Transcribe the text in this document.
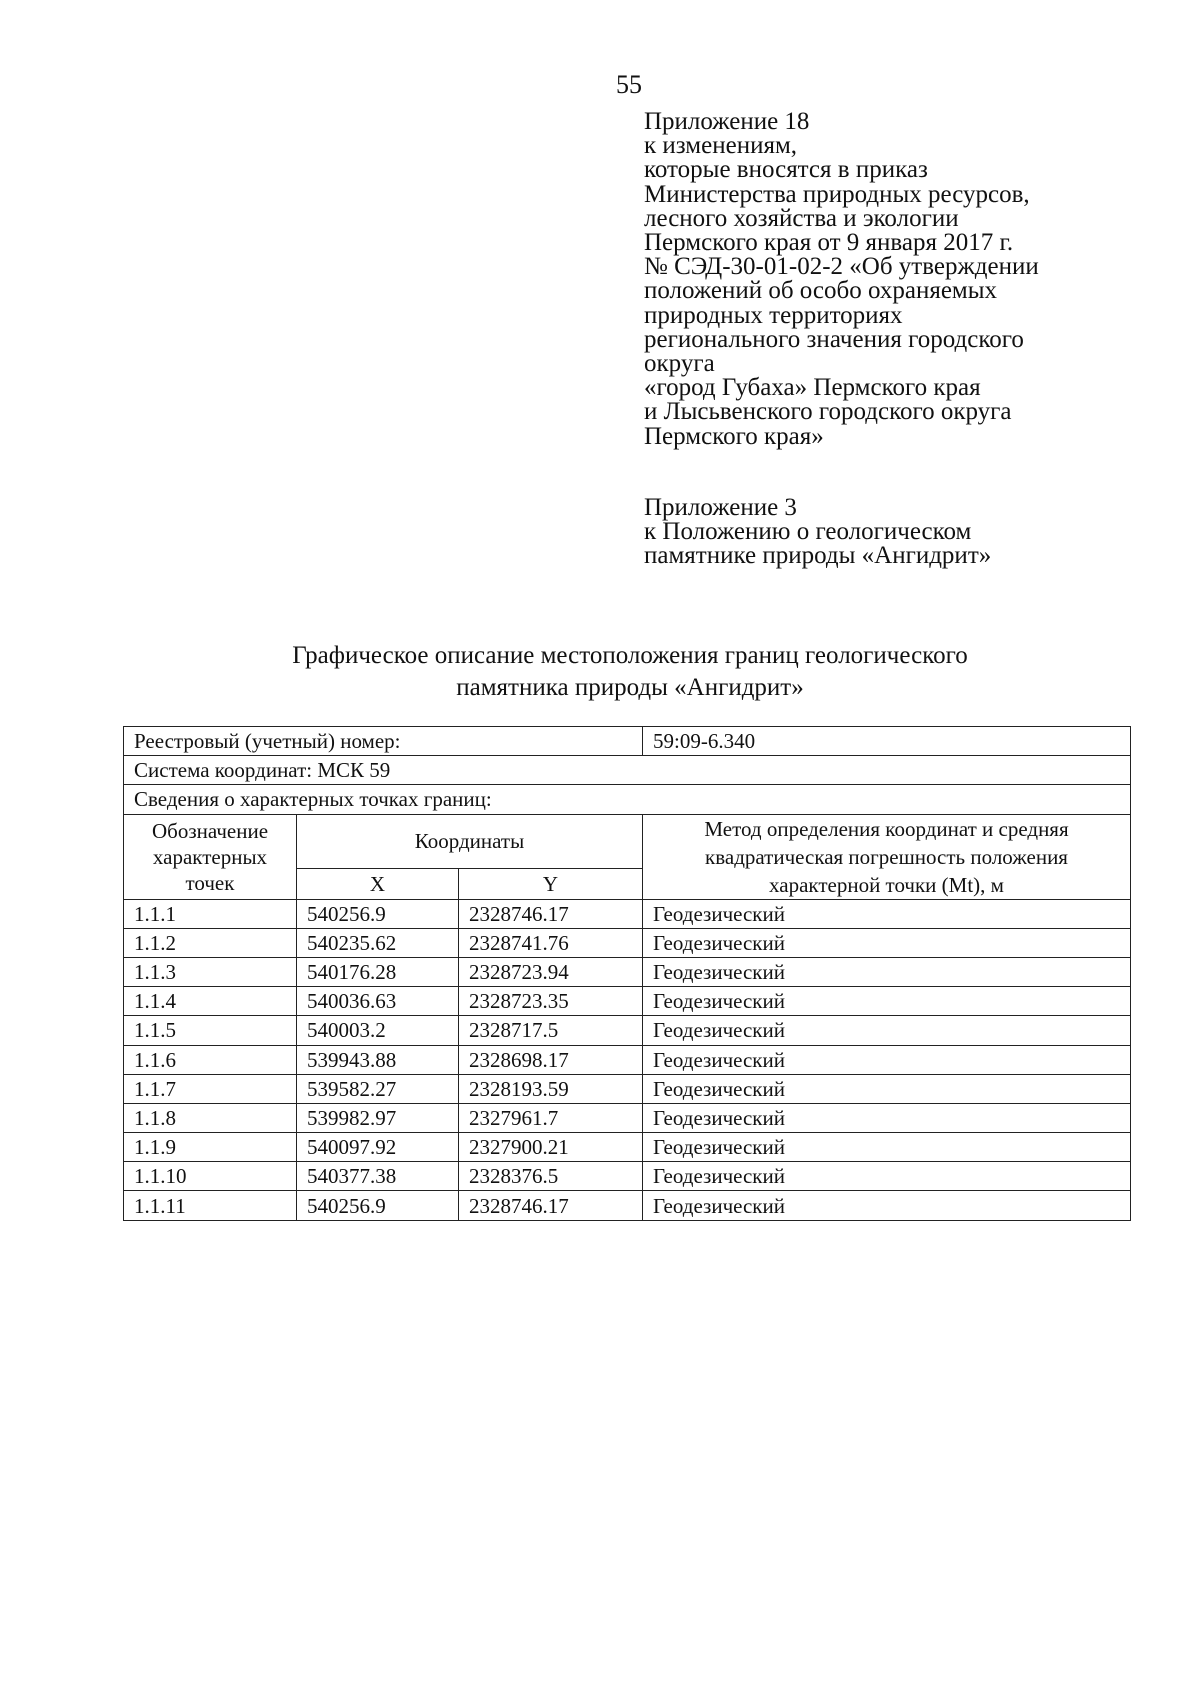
55
Приложение 18
к изменениям,
которые вносятся в приказ
Министерства природных ресурсов,
лесного хозяйства и экологии
Пермского края от 9 января 2017 г.
№ СЭД-30-01-02-2 «Об утверждении
положений об особо охраняемых
природных территориях
регионального значения городского
округа
«город Губаха» Пермского края
и Лысьвенского городского округа
Пермского края»
Приложение 3
к Положению о геологическом
памятнике природы «Ангидрит»
Графическое описание местоположения границ геологического
памятника природы «Ангидрит»
Реестровый (учетный) номер:			59:09-6.340
Система координат: МСК 59			
Сведения о характерных точках границ:			
Обозначение характерных точек	Координаты		Метод определения координат и средняя квадратическая погрешность положения характерной точки (Mt), м
	X	Y	
1.1.1	540256.9	2328746.17	Геодезический
1.1.2	540235.62	2328741.76	Геодезический
1.1.3	540176.28	2328723.94	Геодезический
1.1.4	540036.63	2328723.35	Геодезический
1.1.5	540003.2	2328717.5	Геодезический
1.1.6	539943.88	2328698.17	Геодезический
1.1.7	539582.27	2328193.59	Геодезический
1.1.8	539982.97	2327961.7	Геодезический
1.1.9	540097.92	2327900.21	Геодезический
1.1.10	540377.38	2328376.5	Геодезический
1.1.11	540256.9	2328746.17	Геодезический
